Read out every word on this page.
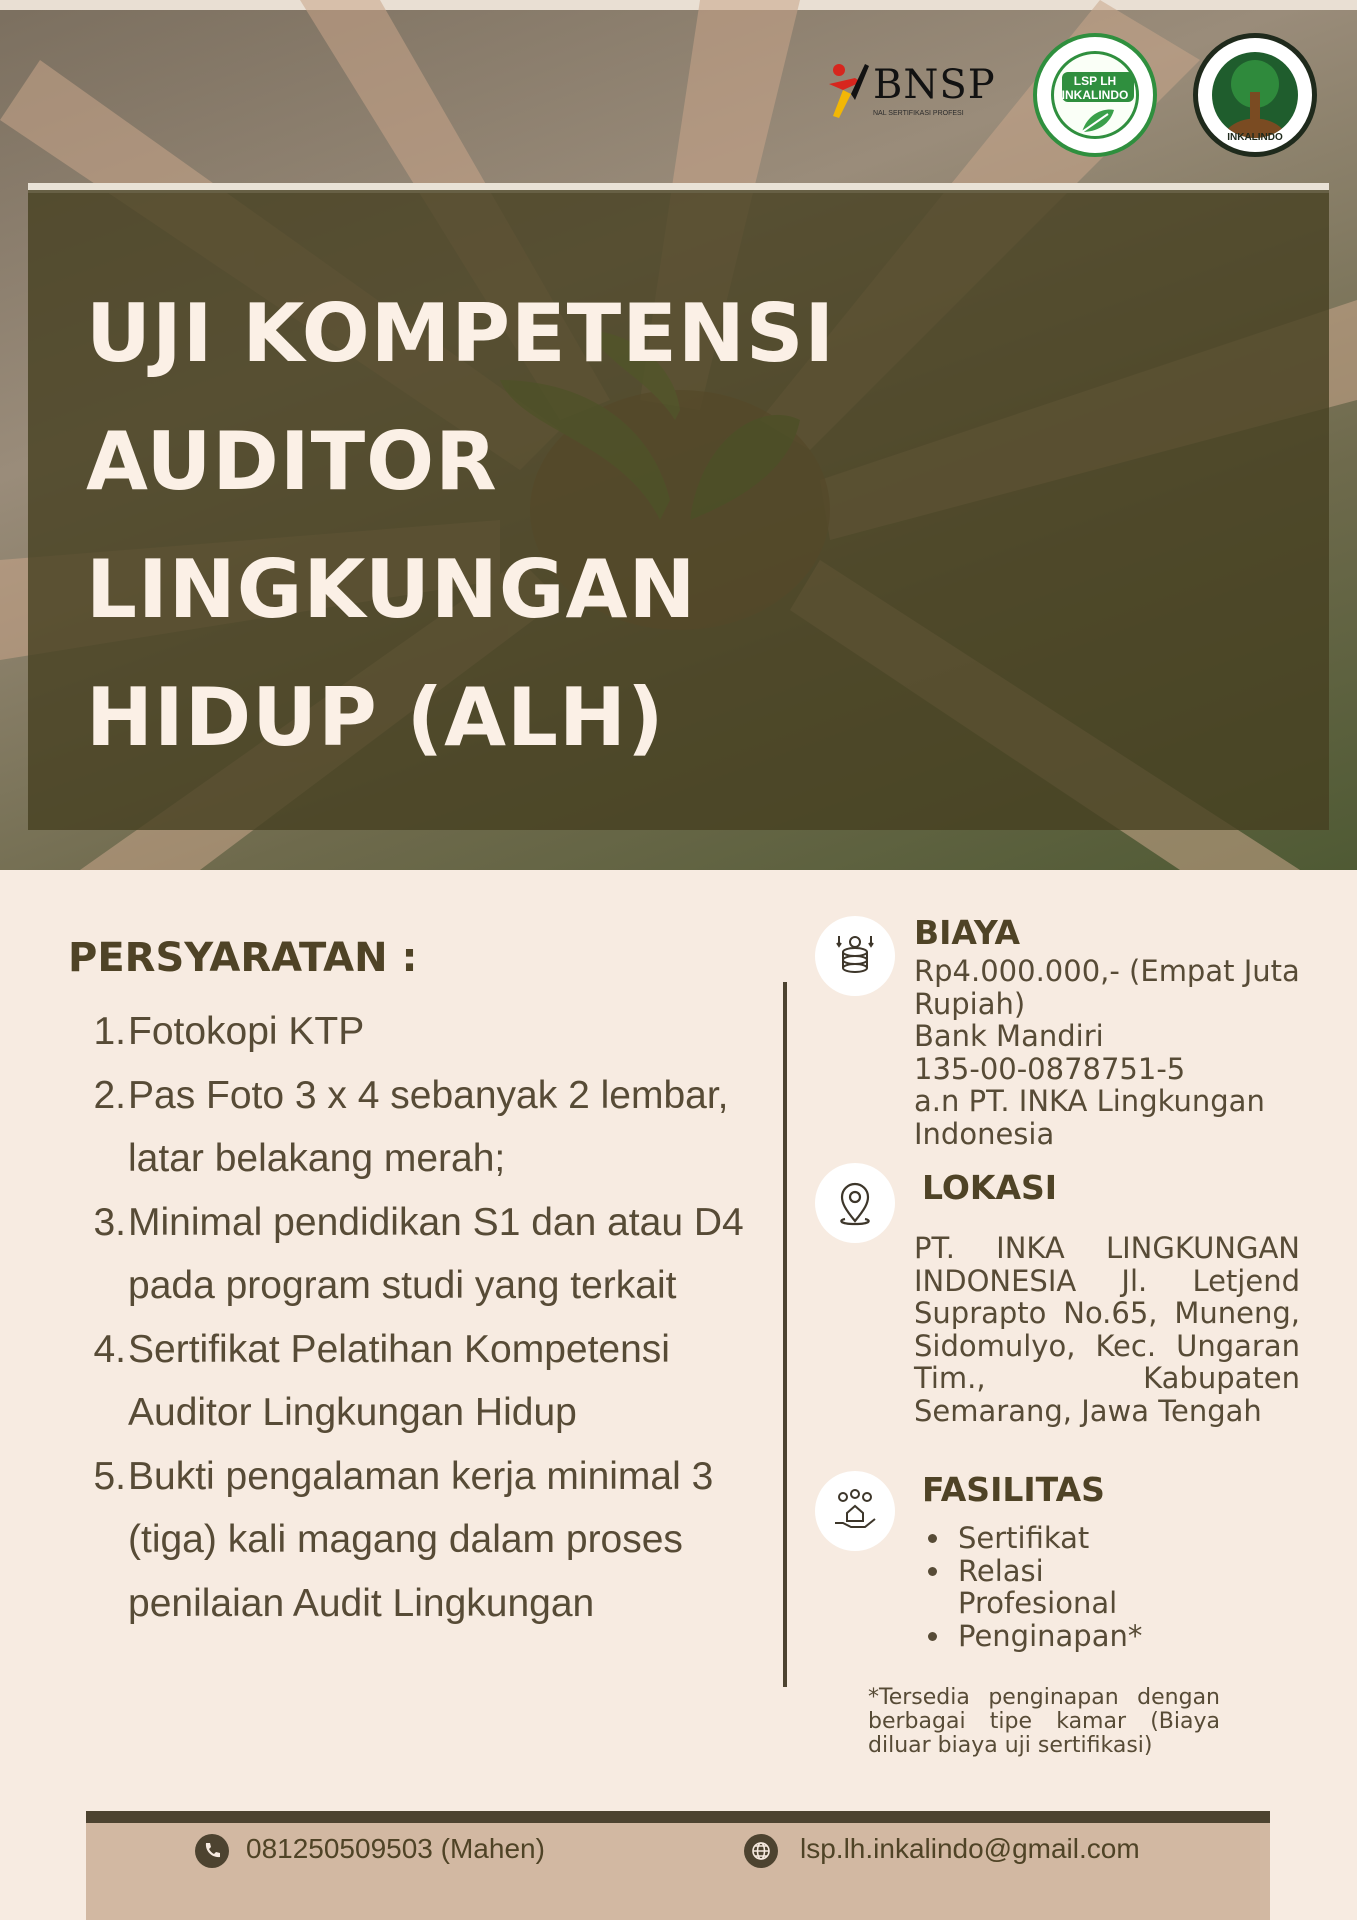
BNSP
NAL SERTIFIKASI PROFESI
LSP LH
INKALINDO
INKALINDO
UJI KOMPETENSI
AUDITOR
LINGKUNGAN
HIDUP (ALH)
PERSYARATAN :
1. Fotokopi KTP
2. Pas Foto 3 x 4 sebanyak 2 lembar, latar belakang merah;
3. Minimal pendidikan S1 dan atau D4 pada program studi yang terkait
4. Sertifikat Pelatihan Kompetensi Auditor Lingkungan Hidup
5. Bukti pengalaman kerja minimal 3 (tiga) kali magang dalam proses penilaian Audit Lingkungan
BIAYA
Rp4.000.000,- (Empat Juta Rupiah)
Bank Mandiri
135-00-0878751-5
a.n PT. INKA Lingkungan Indonesia
LOKASI
PT. INKA LINGKUNGAN INDONESIA Jl. Letjend Suprapto No.65, Muneng, Sidomulyo, Kec. Ungaran Tim., Kabupaten Semarang, Jawa Tengah
FASILITAS
Sertifikat
Relasi Profesional
Penginapan*
*Tersedia penginapan dengan berbagai tipe kamar (Biaya diluar biaya uji sertifikasi)
081250509503 (Mahen)	lsp.lh.inkalindo@gmail.com
